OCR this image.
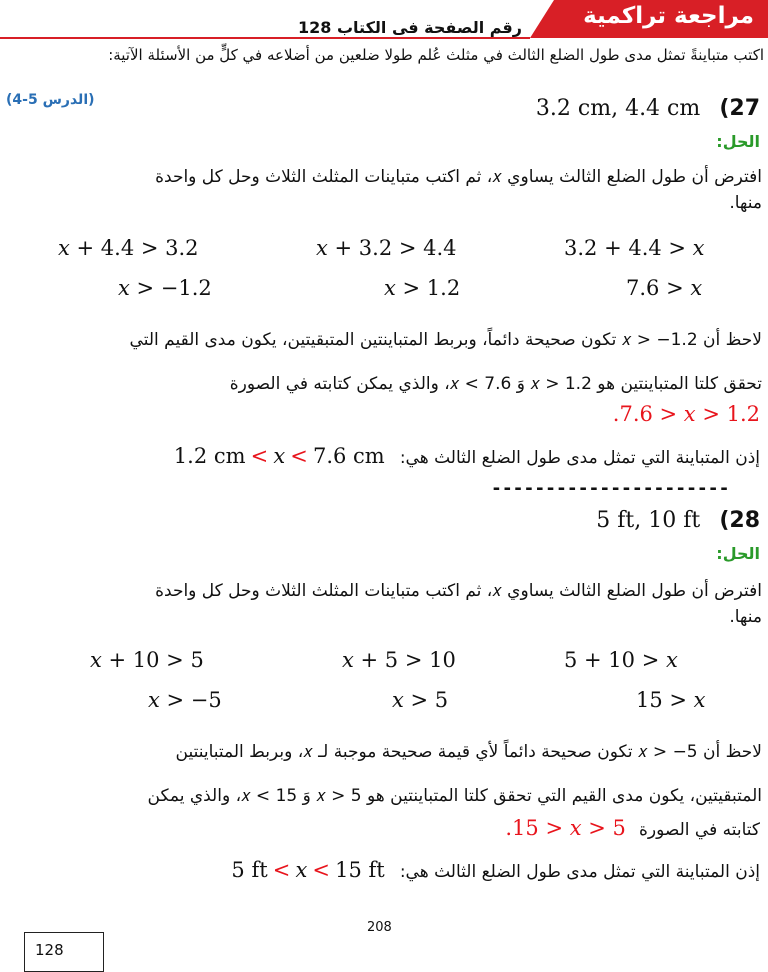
مراجعة تراكمية
رقم الصفحة فى الكتاب 128
اكتب متباينةً تمثل مدى طول الضلع الثالث في مثلث عُلم طولا ضلعين من أضلاعه في كلٍّ من الأسئلة الآتية:
(الدرس 5-4)	3.2 cm, 4.4 cm (27
الحل:
افترض أن طول الضلع الثالث يساوي 𝑥، ثم اكتب متباينات المثلث الثلاث وحل كل واحدة
منها.
𝑥 + 4.4 > 3.2	𝑥 + 3.2 > 4.4	3.2 + 4.4 > 𝑥
𝑥 > −1.2	𝑥 > 1.2	7.6 > 𝑥
لاحظ أن 𝑥 > −1.2 تكون صحيحة دائماً، وبربط المتباينتين المتبقيتين، يكون مدى القيم التي
تحقق كلتا المتباينتين هو 𝑥 > 1.2 وَ 𝑥 < 7.6، والذي يمكن كتابته في الصورة
.7.6 > 𝑥 > 1.2
1.2 cm < 𝑥 < 7.6 cm إذن المتباينة التي تمثل مدى طول الضلع الثالث هي:
----------------------
5 ft, 10 ft (28
الحل:
افترض أن طول الضلع الثالث يساوي 𝑥، ثم اكتب متباينات المثلث الثلاث وحل كل واحدة
منها.
𝑥 + 10 > 5	𝑥 + 5 > 10	5 + 10 > 𝑥
𝑥 > −5	𝑥 > 5	15 > 𝑥
لاحظ أن 𝑥 > −5 تكون صحيحة دائماً لأي قيمة صحيحة موجبة لـ 𝑥، وبربط المتباينتين
المتبقيتين، يكون مدى القيم التي تحقق كلتا المتباينتين هو 𝑥 > 5 وَ 𝑥 < 15، والذي يمكن
كتابته في الصورة .15 > 𝑥 > 5
5 ft < 𝑥 < 15 ft إذن المتباينة التي تمثل مدى طول الضلع الثالث هي:
208
128
